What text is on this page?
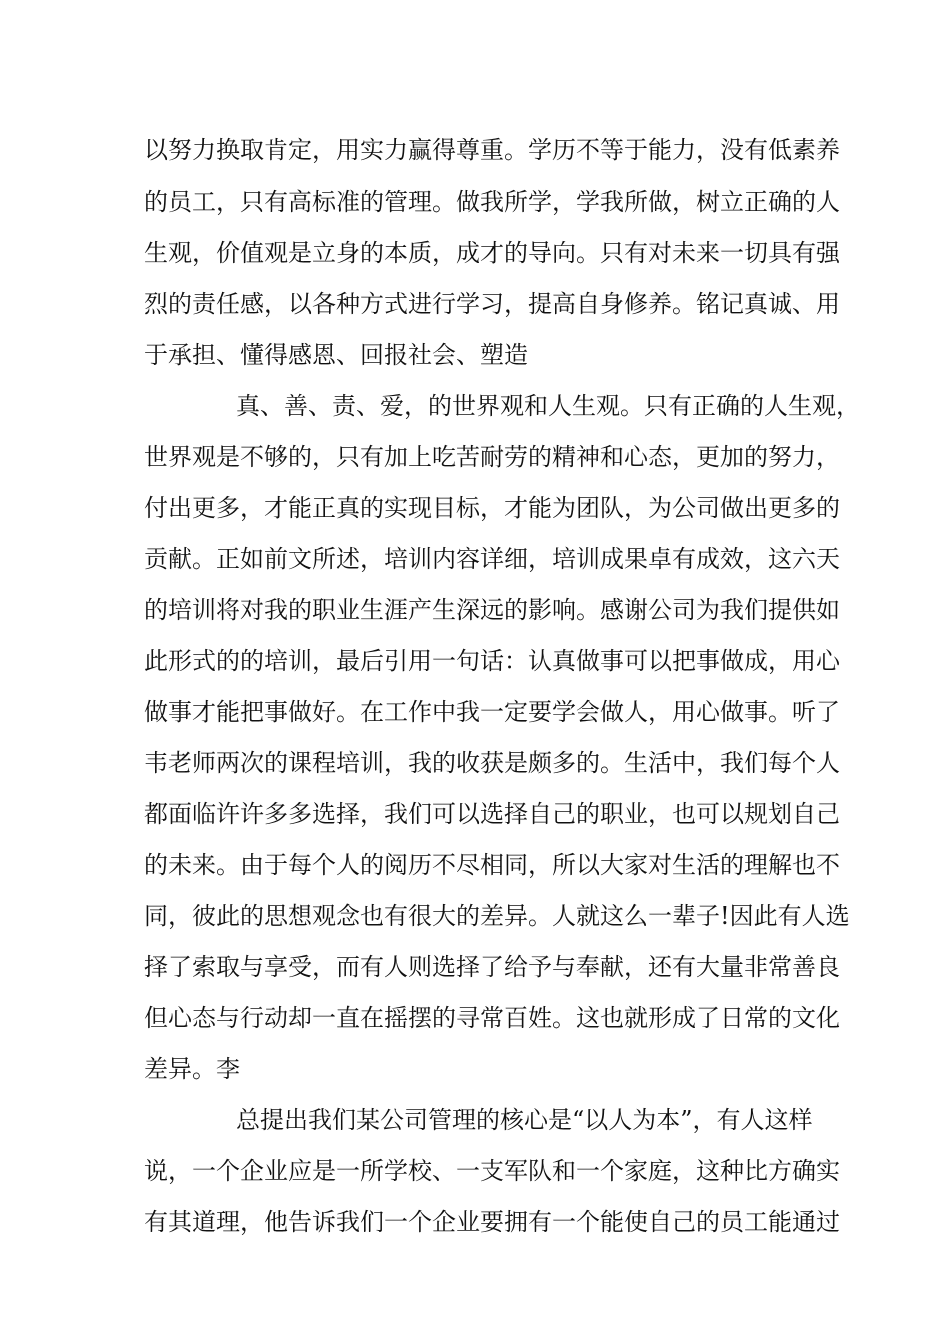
以努力换取肯定，用实力赢得尊重。学历不等于能力，没有低素养
的员工，只有高标准的管理。做我所学，学我所做，树立正确的人
生观，价值观是立身的本质，成才的导向。只有对未来一切具有强
烈的责任感，以各种方式进行学习，提高自身修养。铭记真诚、用
于承担、懂得感恩、回报社会、塑造
真、善、责、爱，的世界观和人生观。只有正确的人生观，
世界观是不够的，只有加上吃苦耐劳的精神和心态，更加的努力，
付出更多，才能正真的实现目标，才能为团队，为公司做出更多的
贡献。正如前文所述，培训内容详细，培训成果卓有成效，这六天
的培训将对我的职业生涯产生深远的影响。感谢公司为我们提供如
此形式的的培训，最后引用一句话：认真做事可以把事做成，用心
做事才能把事做好。在工作中我一定要学会做人，用心做事。听了
韦老师两次的课程培训，我的收获是颇多的。生活中，我们每个人
都面临许许多多选择，我们可以选择自己的职业，也可以规划自己
的未来。由于每个人的阅历不尽相同，所以大家对生活的理解也不
同，彼此的思想观念也有很大的差异。人就这么一辈子!因此有人选
择了索取与享受，而有人则选择了给予与奉献，还有大量非常善良
但心态与行动却一直在摇摆的寻常百姓。这也就形成了日常的文化
差异。李
总提出我们某公司管理的核心是“以人为本”，有人这样
说，一个企业应是一所学校、一支军队和一个家庭，这种比方确实
有其道理，他告诉我们一个企业要拥有一个能使自己的员工能通过
